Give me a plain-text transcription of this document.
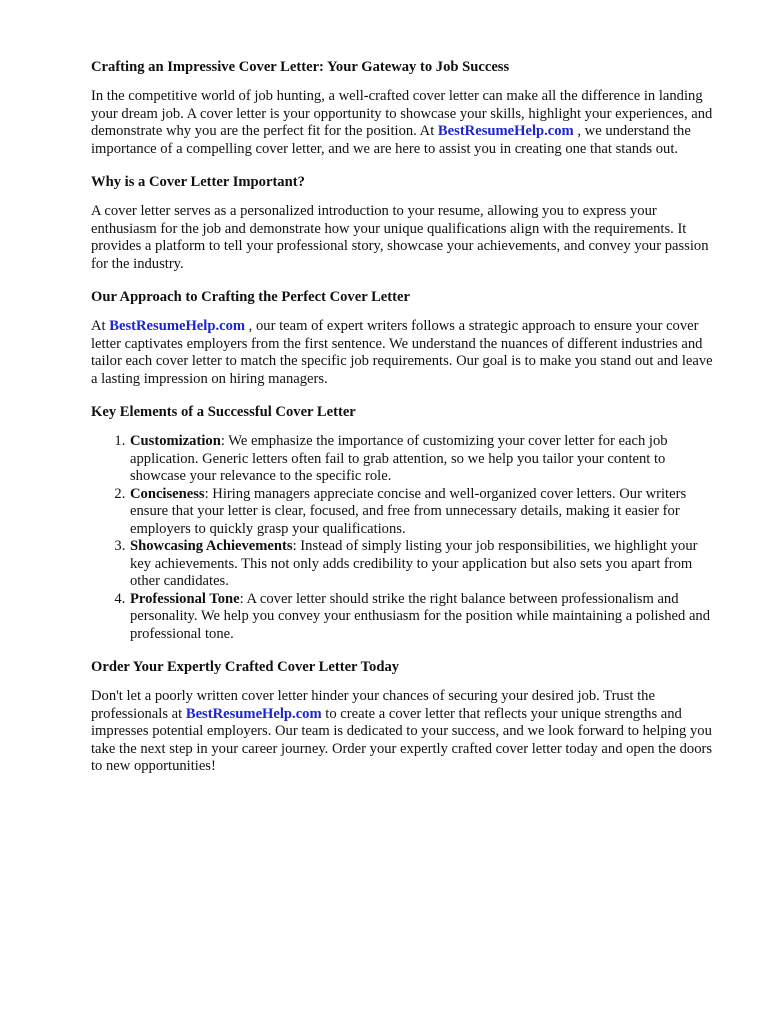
Crafting an Impressive Cover Letter: Your Gateway to Job Success

In the competitive world of job hunting, a well-crafted cover letter can make all the difference in landing your dream job. A cover letter is your opportunity to showcase your skills, highlight your experiences, and demonstrate why you are the perfect fit for the position. At BestResumeHelp.com , we understand the importance of a compelling cover letter, and we are here to assist you in creating one that stands out.

Why is a Cover Letter Important?

A cover letter serves as a personalized introduction to your resume, allowing you to express your enthusiasm for the job and demonstrate how your unique qualifications align with the requirements. It provides a platform to tell your professional story, showcase your achievements, and convey your passion for the industry.

Our Approach to Crafting the Perfect Cover Letter

At BestResumeHelp.com , our team of expert writers follows a strategic approach to ensure your cover letter captivates employers from the first sentence. We understand the nuances of different industries and tailor each cover letter to match the specific job requirements. Our goal is to make you stand out and leave a lasting impression on hiring managers.

Key Elements of a Successful Cover Letter
1. Customization: We emphasize the importance of customizing your cover letter for each job application. Generic letters often fail to grab attention, so we help you tailor your content to showcase your relevance to the specific role.
2. Conciseness: Hiring managers appreciate concise and well-organized cover letters. Our writers ensure that your letter is clear, focused, and free from unnecessary details, making it easier for employers to quickly grasp your qualifications.
3. Showcasing Achievements: Instead of simply listing your job responsibilities, we highlight your key achievements. This not only adds credibility to your application but also sets you apart from other candidates.
4. Professional Tone: A cover letter should strike the right balance between professionalism and personality. We help you convey your enthusiasm for the position while maintaining a polished and professional tone.
Order Your Expertly Crafted Cover Letter Today

Don't let a poorly written cover letter hinder your chances of securing your desired job. Trust the professionals at BestResumeHelp.com to create a cover letter that reflects your unique strengths and impresses potential employers. Our team is dedicated to your success, and we look forward to helping you take the next step in your career journey. Order your expertly crafted cover letter today and open the doors to new opportunities!
